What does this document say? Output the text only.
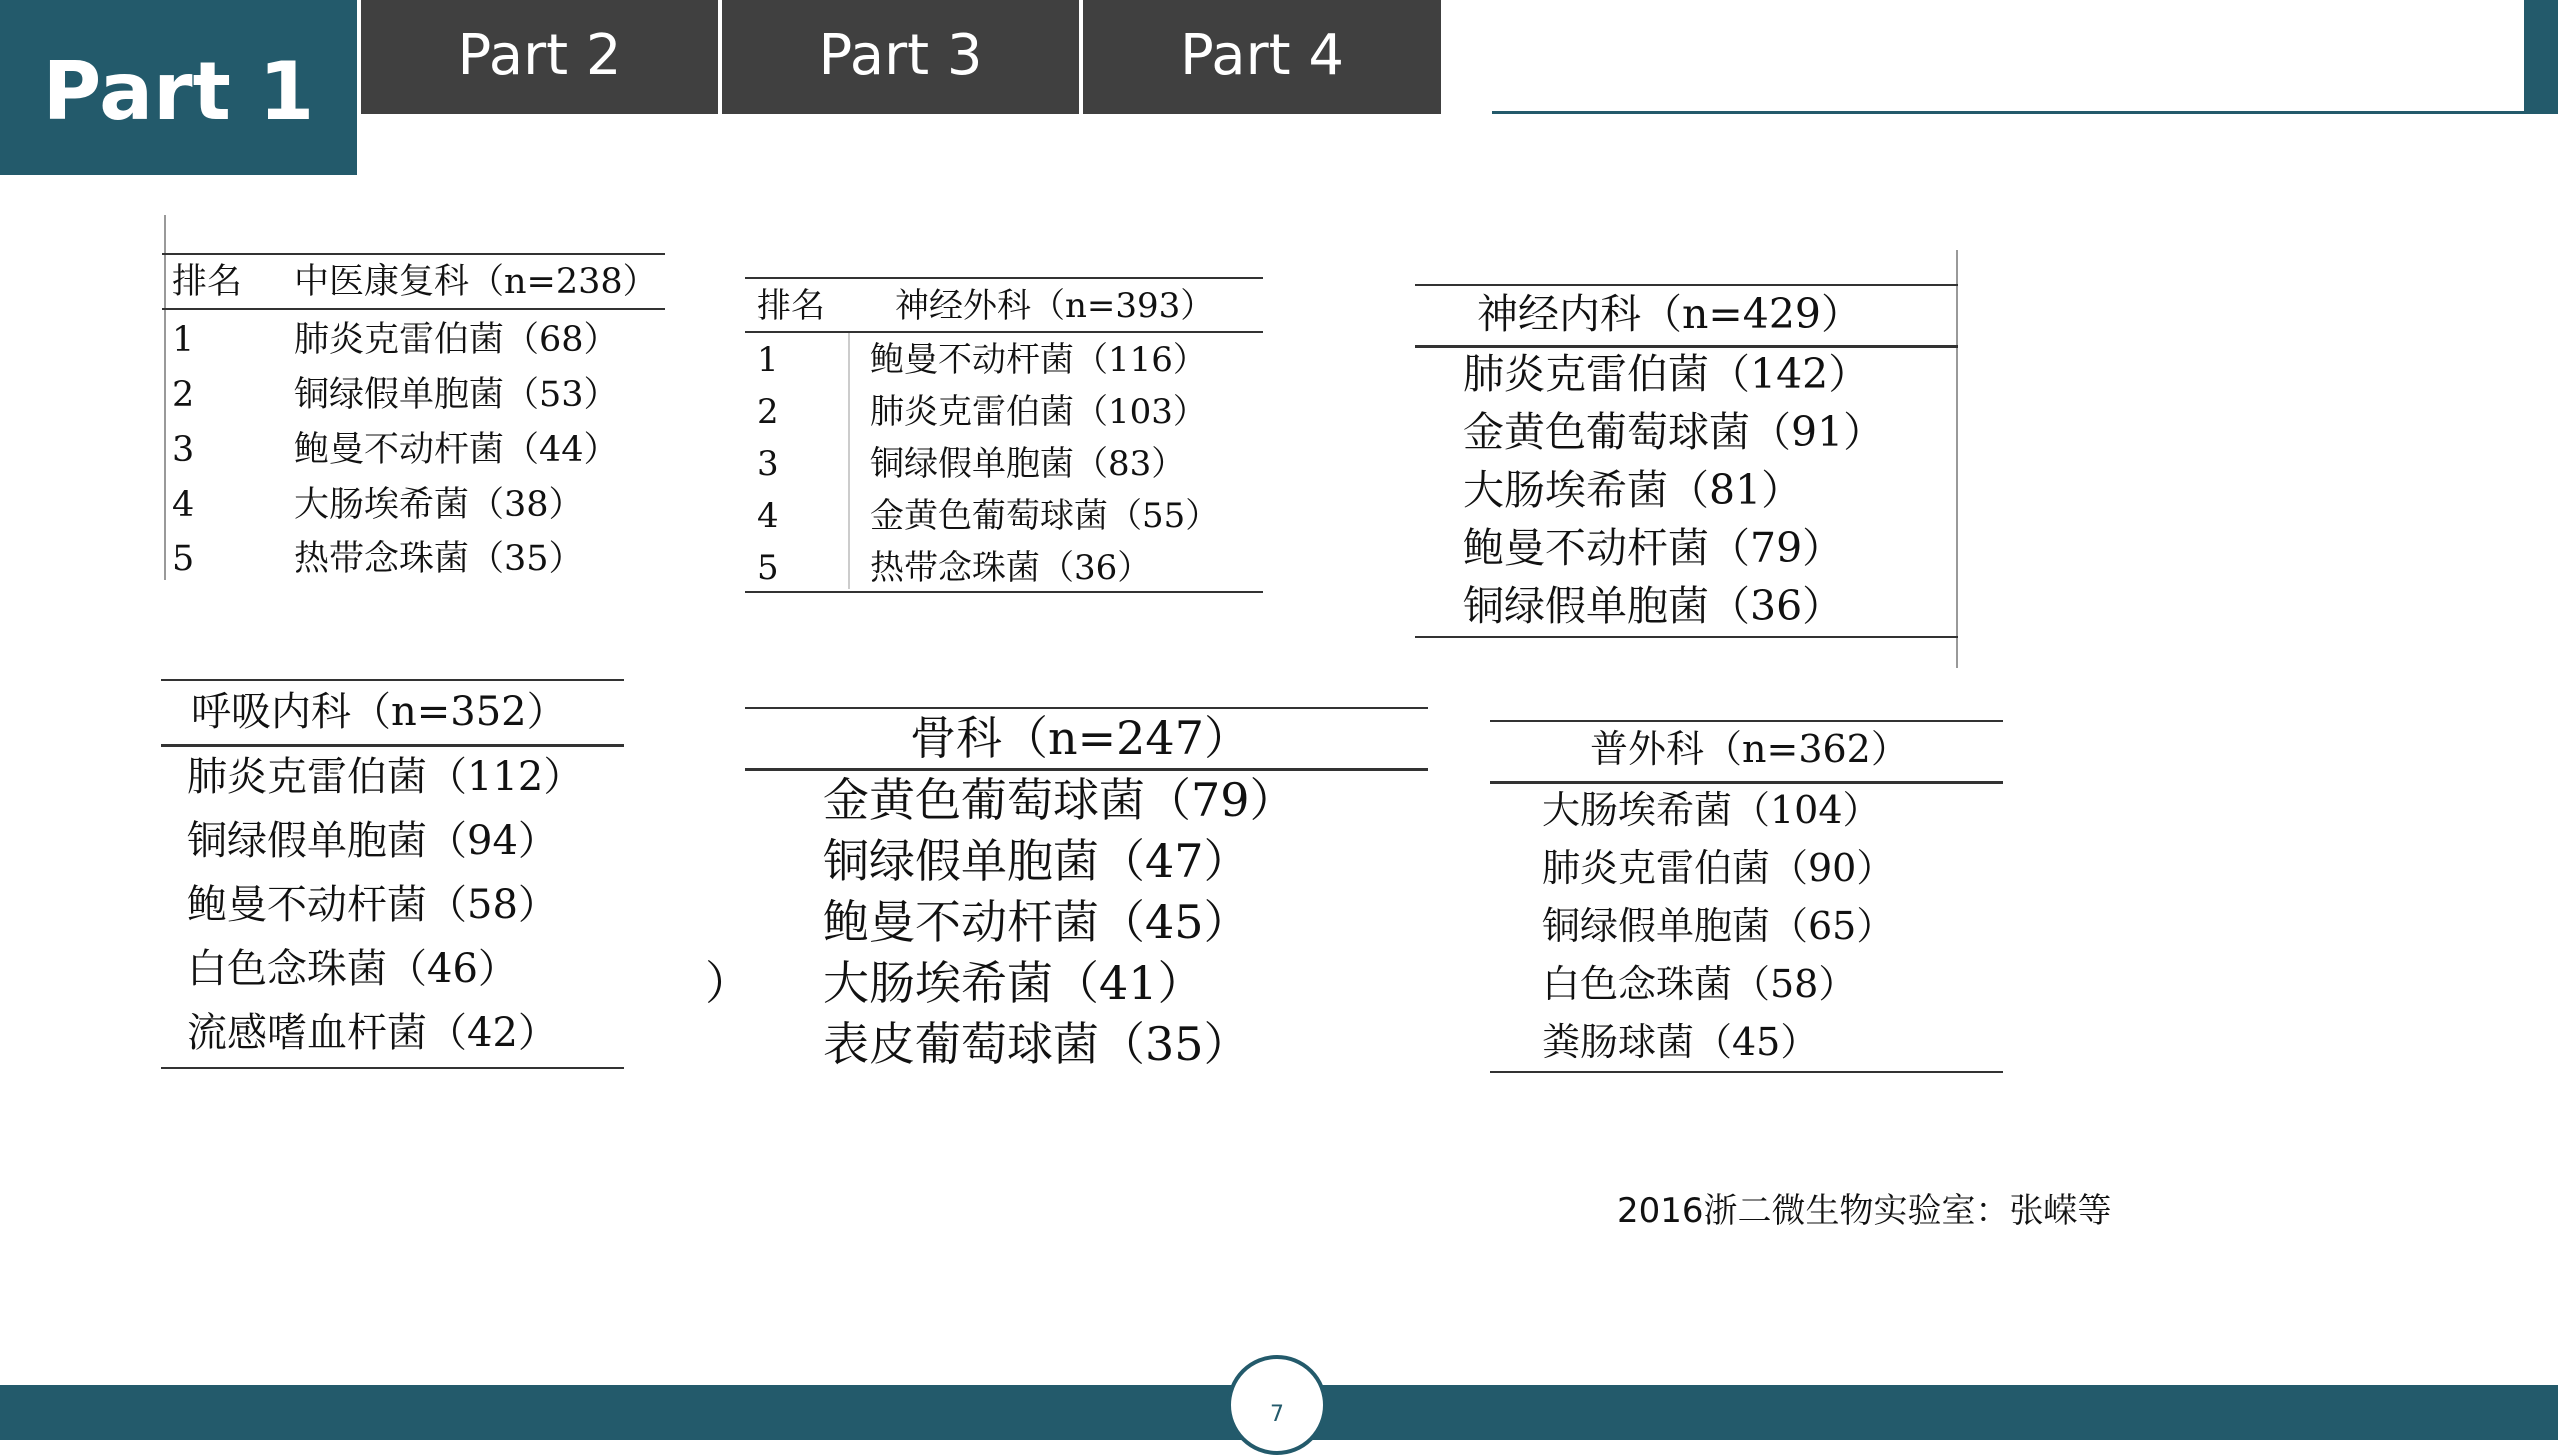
Part 1	Part 2	Part 3	Part 4
排名 中医康复科（n=238）
1	肺炎克雷伯菌（68）
2	铜绿假单胞菌（53）
3	鲍曼不动杆菌（44）
4	大肠埃希菌（38）
5	热带念珠菌（35）
排名 神经外科（n=393）
1	鲍曼不动杆菌（116）
2	肺炎克雷伯菌（103）
3	铜绿假单胞菌（83）
4	金黄色葡萄球菌（55）
5	热带念珠菌（36）
神经内科（n=429）
肺炎克雷伯菌（142）
金黄色葡萄球菌（91）
大肠埃希菌（81）
鲍曼不动杆菌（79）
铜绿假单胞菌（36）
呼吸内科（n=352）
肺炎克雷伯菌（112）
铜绿假单胞菌（94）
鲍曼不动杆菌（58）
白色念珠菌（46）
流感嗜血杆菌（42）
骨科（n=247）
金黄色葡萄球菌（79）
铜绿假单胞菌（47）
鲍曼不动杆菌（45）
） 大肠埃希菌（41）
表皮葡萄球菌（35）
普外科（n=362）
大肠埃希菌（104）
肺炎克雷伯菌（90）
铜绿假单胞菌（65）
白色念珠菌（58）
粪肠球菌（45）
2016浙二微生物实验室：张嵘等
7
